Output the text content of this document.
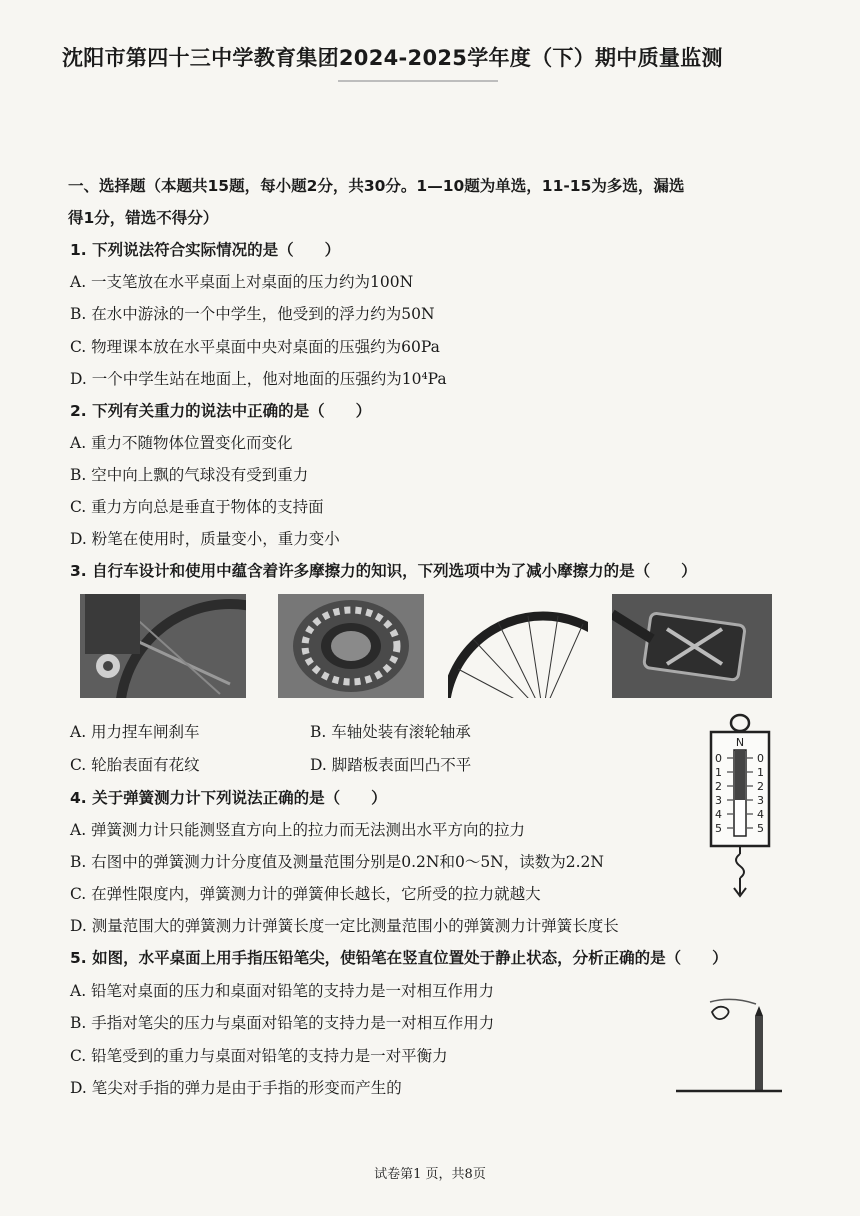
沈阳市第四十三中学教育集团2024-2025学年度（下）期中质量监测
一、选择题（本题共15题，每小题2分，共30分。1—10题为单选，11-15为多选，漏选
得1分，错选不得分）
1. 下列说法符合实际情况的是（　　）
A. 一支笔放在水平桌面上对桌面的压力约为100N
B. 在水中游泳的一个中学生，他受到的浮力约为50N
C. 物理课本放在水平桌面中央对桌面的压强约为60Pa
D. 一个中学生站在地面上，他对地面的压强约为10⁴Pa
2. 下列有关重力的说法中正确的是（　　）
A. 重力不随物体位置变化而变化
B. 空中向上飘的气球没有受到重力
C. 重力方向总是垂直于物体的支持面
D. 粉笔在使用时，质量变小，重力变小
3. 自行车设计和使用中蕴含着许多摩擦力的知识，下列选项中为了减小摩擦力的是（　　）
A. 用力捏车闸刹车	B. 车轴处装有滚轮轴承
C. 轮胎表面有花纹	D. 脚踏板表面凹凸不平
N
0
1
2
3
4
5
0
1
2
3
4
5
4. 关于弹簧测力计下列说法正确的是（　　）
A. 弹簧测力计只能测竖直方向上的拉力而无法测出水平方向的拉力
B. 右图中的弹簧测力计分度值及测量范围分别是0.2N和0～5N，读数为2.2N
C. 在弹性限度内，弹簧测力计的弹簧伸长越长，它所受的拉力就越大
D. 测量范围大的弹簧测力计弹簧长度一定比测量范围小的弹簧测力计弹簧长度长
5. 如图，水平桌面上用手指压铅笔尖，使铅笔在竖直位置处于静止状态，分析正确的是（　　）
A. 铅笔对桌面的压力和桌面对铅笔的支持力是一对相互作用力
B. 手指对笔尖的压力与桌面对铅笔的支持力是一对相互作用力
C. 铅笔受到的重力与桌面对铅笔的支持力是一对平衡力
D. 笔尖对手指的弹力是由于手指的形变而产生的
试卷第1 页，共8页
